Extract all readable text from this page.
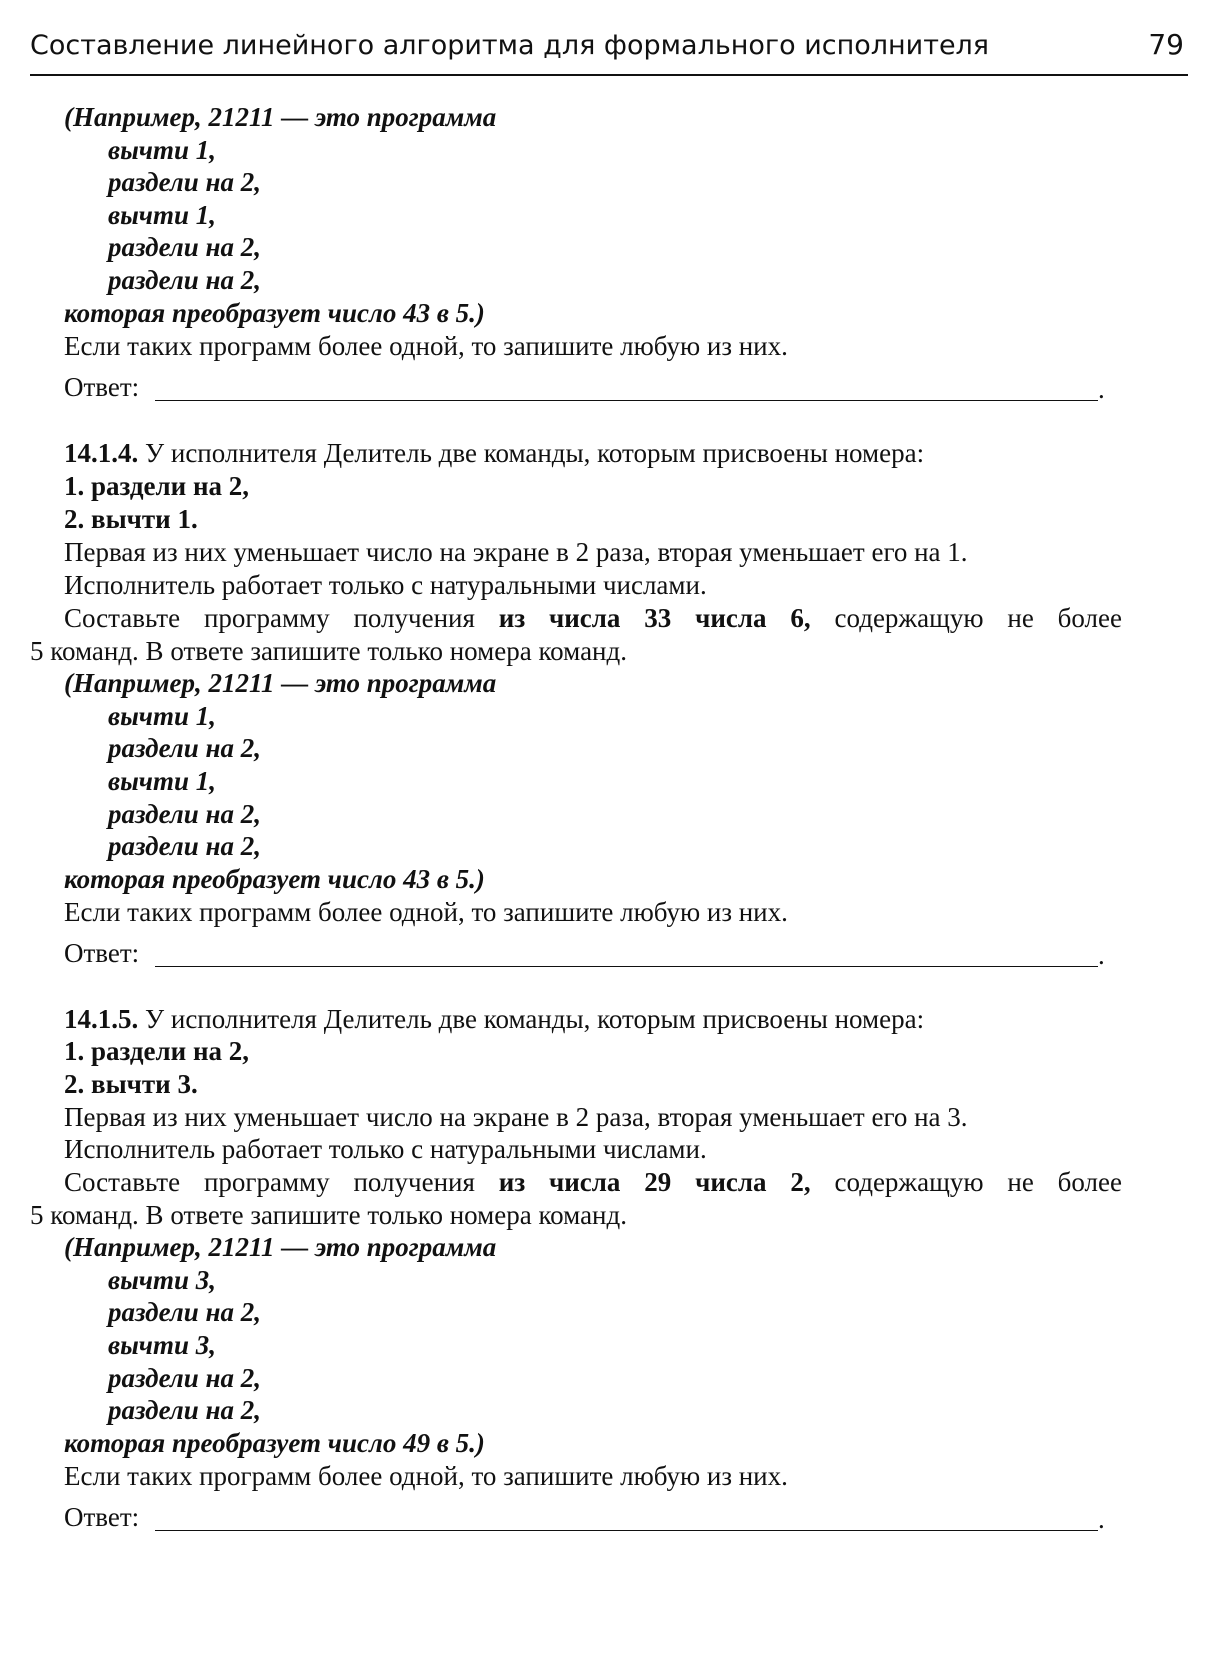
Составление линейного алгоритма для формального исполнителя	79
(Например, 21211 — это программа
вычти 1,
раздели на 2,
вычти 1,
раздели на 2,
раздели на 2,
которая преобразует число 43 в 5.)
Если таких программ более одной, то запишите любую из них.
Ответ:	.
14.1.4. У исполнителя Делитель две команды, которым присвоены номера:
1. раздели на 2,
2. вычти 1.
Первая из них уменьшает число на экране в 2 раза, вторая уменьшает его на 1.
Исполнитель работает только с натуральными числами.
Составьте программу получения из числа 33 числа 6, содержащую не более
5 команд. В ответе запишите только номера команд.
(Например, 21211 — это программа
вычти 1,
раздели на 2,
вычти 1,
раздели на 2,
раздели на 2,
которая преобразует число 43 в 5.)
Если таких программ более одной, то запишите любую из них.
Ответ:	.
14.1.5. У исполнителя Делитель две команды, которым присвоены номера:
1. раздели на 2,
2. вычти 3.
Первая из них уменьшает число на экране в 2 раза, вторая уменьшает его на 3.
Исполнитель работает только с натуральными числами.
Составьте программу получения из числа 29 числа 2, содержащую не более
5 команд. В ответе запишите только номера команд.
(Например, 21211 — это программа
вычти 3,
раздели на 2,
вычти 3,
раздели на 2,
раздели на 2,
которая преобразует число 49 в 5.)
Если таких программ более одной, то запишите любую из них.
Ответ:	.
